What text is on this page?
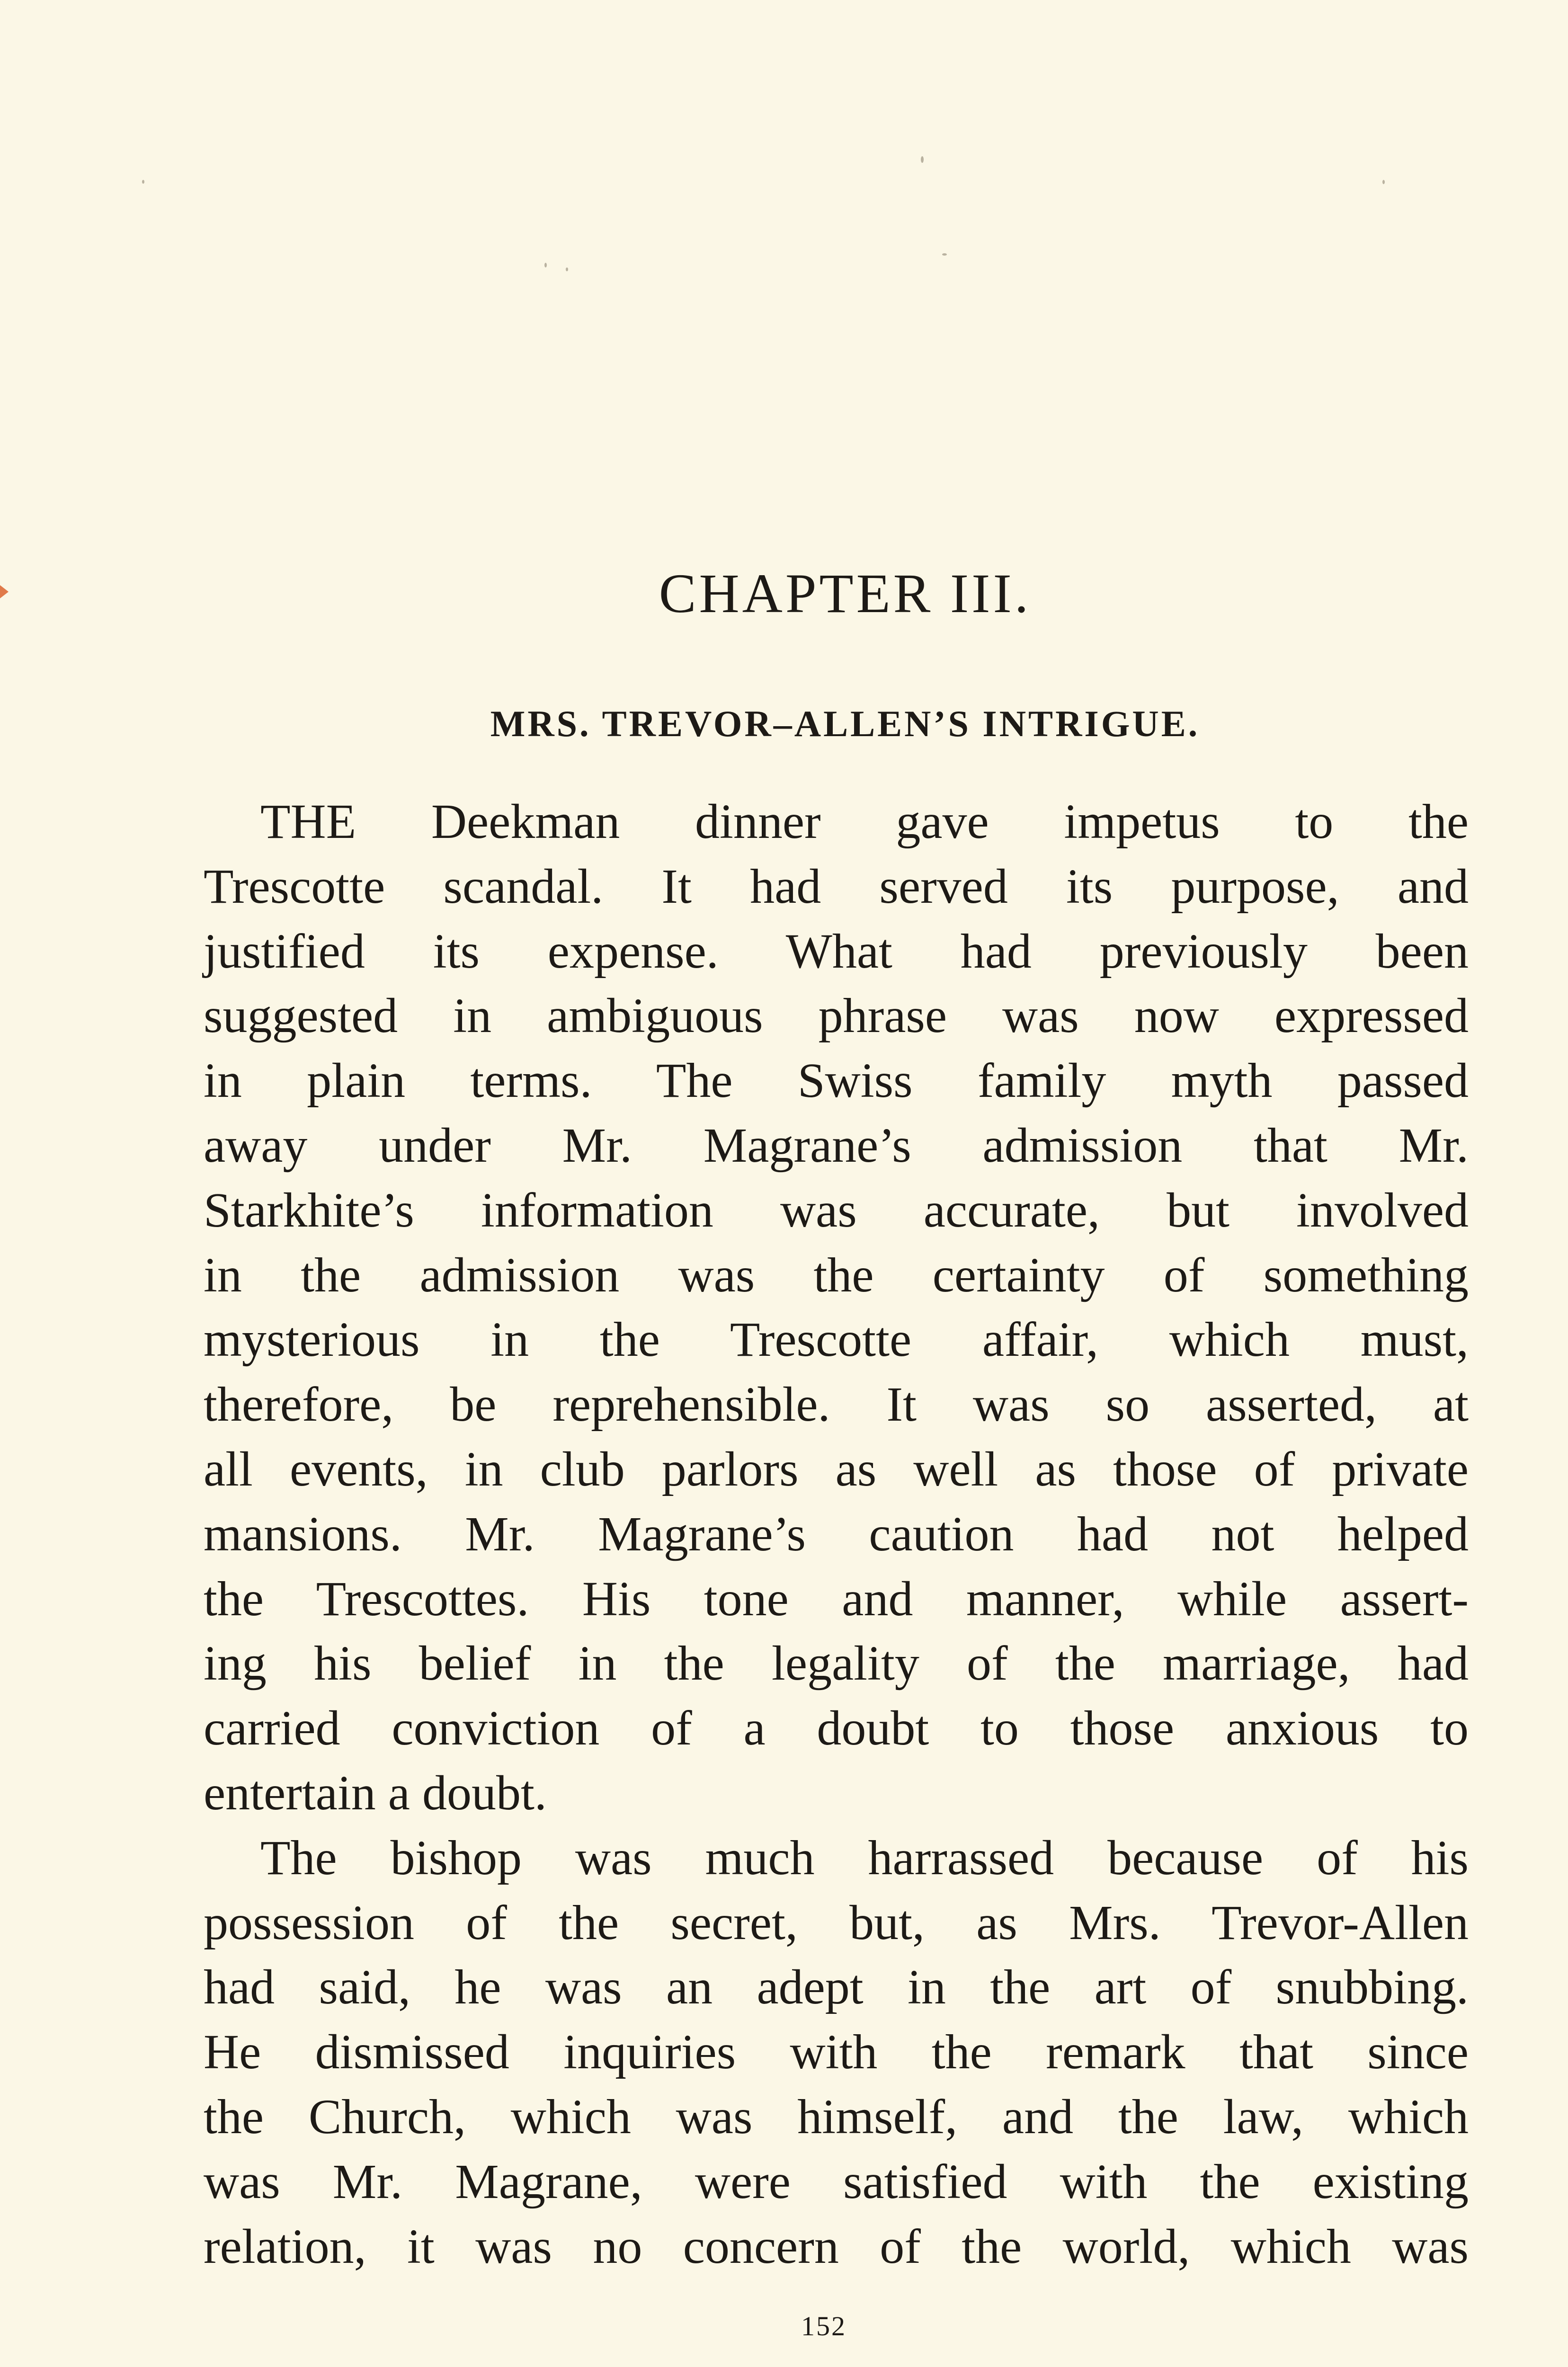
CHAPTER III.
MRS. TREVOR–ALLEN’S INTRIGUE.
THE Deekman dinner gave impetus to the
Trescotte scandal. It had served its purpose, and
justified its expense. What had previously been
suggested in ambiguous phrase was now expressed
in plain terms. The Swiss family myth passed
away under Mr. Magrane’s admission that Mr.
Starkhite’s information was accurate, but involved
in the admission was the certainty of something
mysterious in the Trescotte affair, which must,
therefore, be reprehensible. It was so asserted, at
all events, in club parlors as well as those of private
mansions. Mr. Magrane’s caution had not helped
the Trescottes. His tone and manner, while assert-
ing his belief in the legality of the marriage, had
carried conviction of a doubt to those anxious to
entertain a doubt.
The bishop was much harrassed because of his
possession of the secret, but, as Mrs. Trevor-Allen
had said, he was an adept in the art of snubbing.
He dismissed inquiries with the remark that since
the Church, which was himself, and the law, which
was Mr. Magrane, were satisfied with the existing
relation, it was no concern of the world, which was

152
